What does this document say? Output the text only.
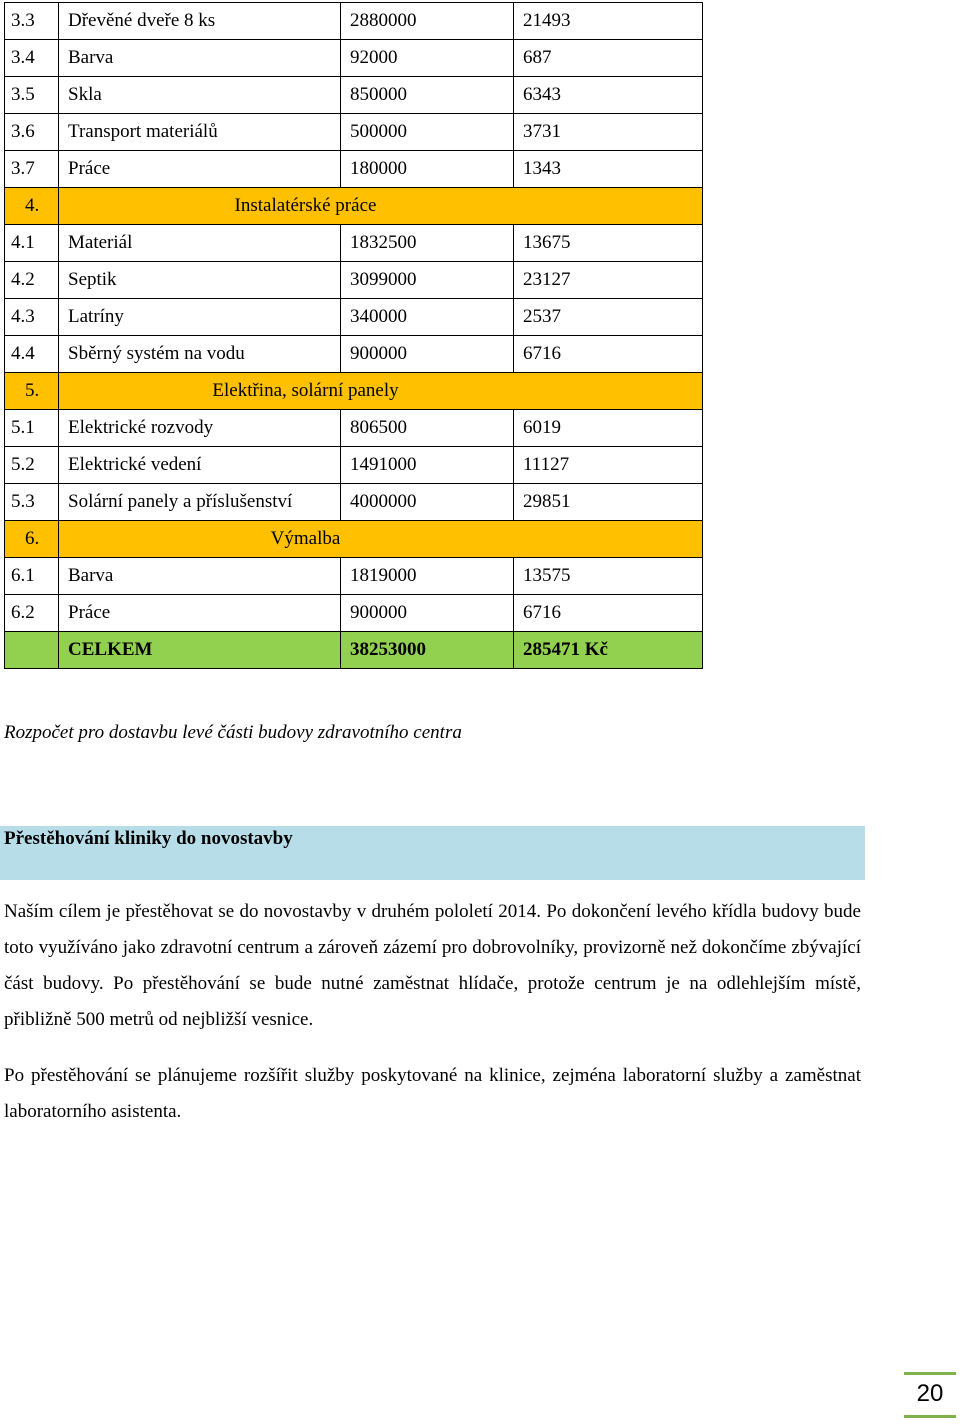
3.3	Dřevěné dveře 8 ks	2880000	21493
3.4	Barva	92000	687
3.5	Skla	850000	6343
3.6	Transport materiálů	500000	3731
3.7	Práce	180000	1343
4.	Instalatérské práce		
4.1	Materiál	1832500	13675
4.2	Septik	3099000	23127
4.3	Latríny	340000	2537
4.4	Sběrný systém na vodu	900000	6716
5.	Elektřina, solární panely		
5.1	Elektrické rozvody	806500	6019
5.2	Elektrické vedení	1491000	11127
5.3	Solární panely a příslušenství	4000000	29851
6.	Výmalba		
6.1	Barva	1819000	13575
6.2	Práce	900000	6716
	CELKEM	38253000	285471 Kč
Rozpočet pro dostavbu levé části budovy zdravotního centra
Přestěhování kliniky do novostavby

Naším cílem je přestěhovat se do novostavby v druhém pololetí 2014. Po dokončení levého křídla budovy bude toto využíváno jako zdravotní centrum a zároveň zázemí pro dobrovolníky, provizorně než dokončíme zbývající část budovy. Po přestěhování se bude nutné zaměstnat hlídače, protože centrum je na odlehlejším místě, přibližně 500 metrů od nejbližší vesnice.

Po přestěhování se plánujeme rozšířit služby poskytované na klinice, zejména laboratorní služby a zaměstnat laboratorního asistenta.

20
